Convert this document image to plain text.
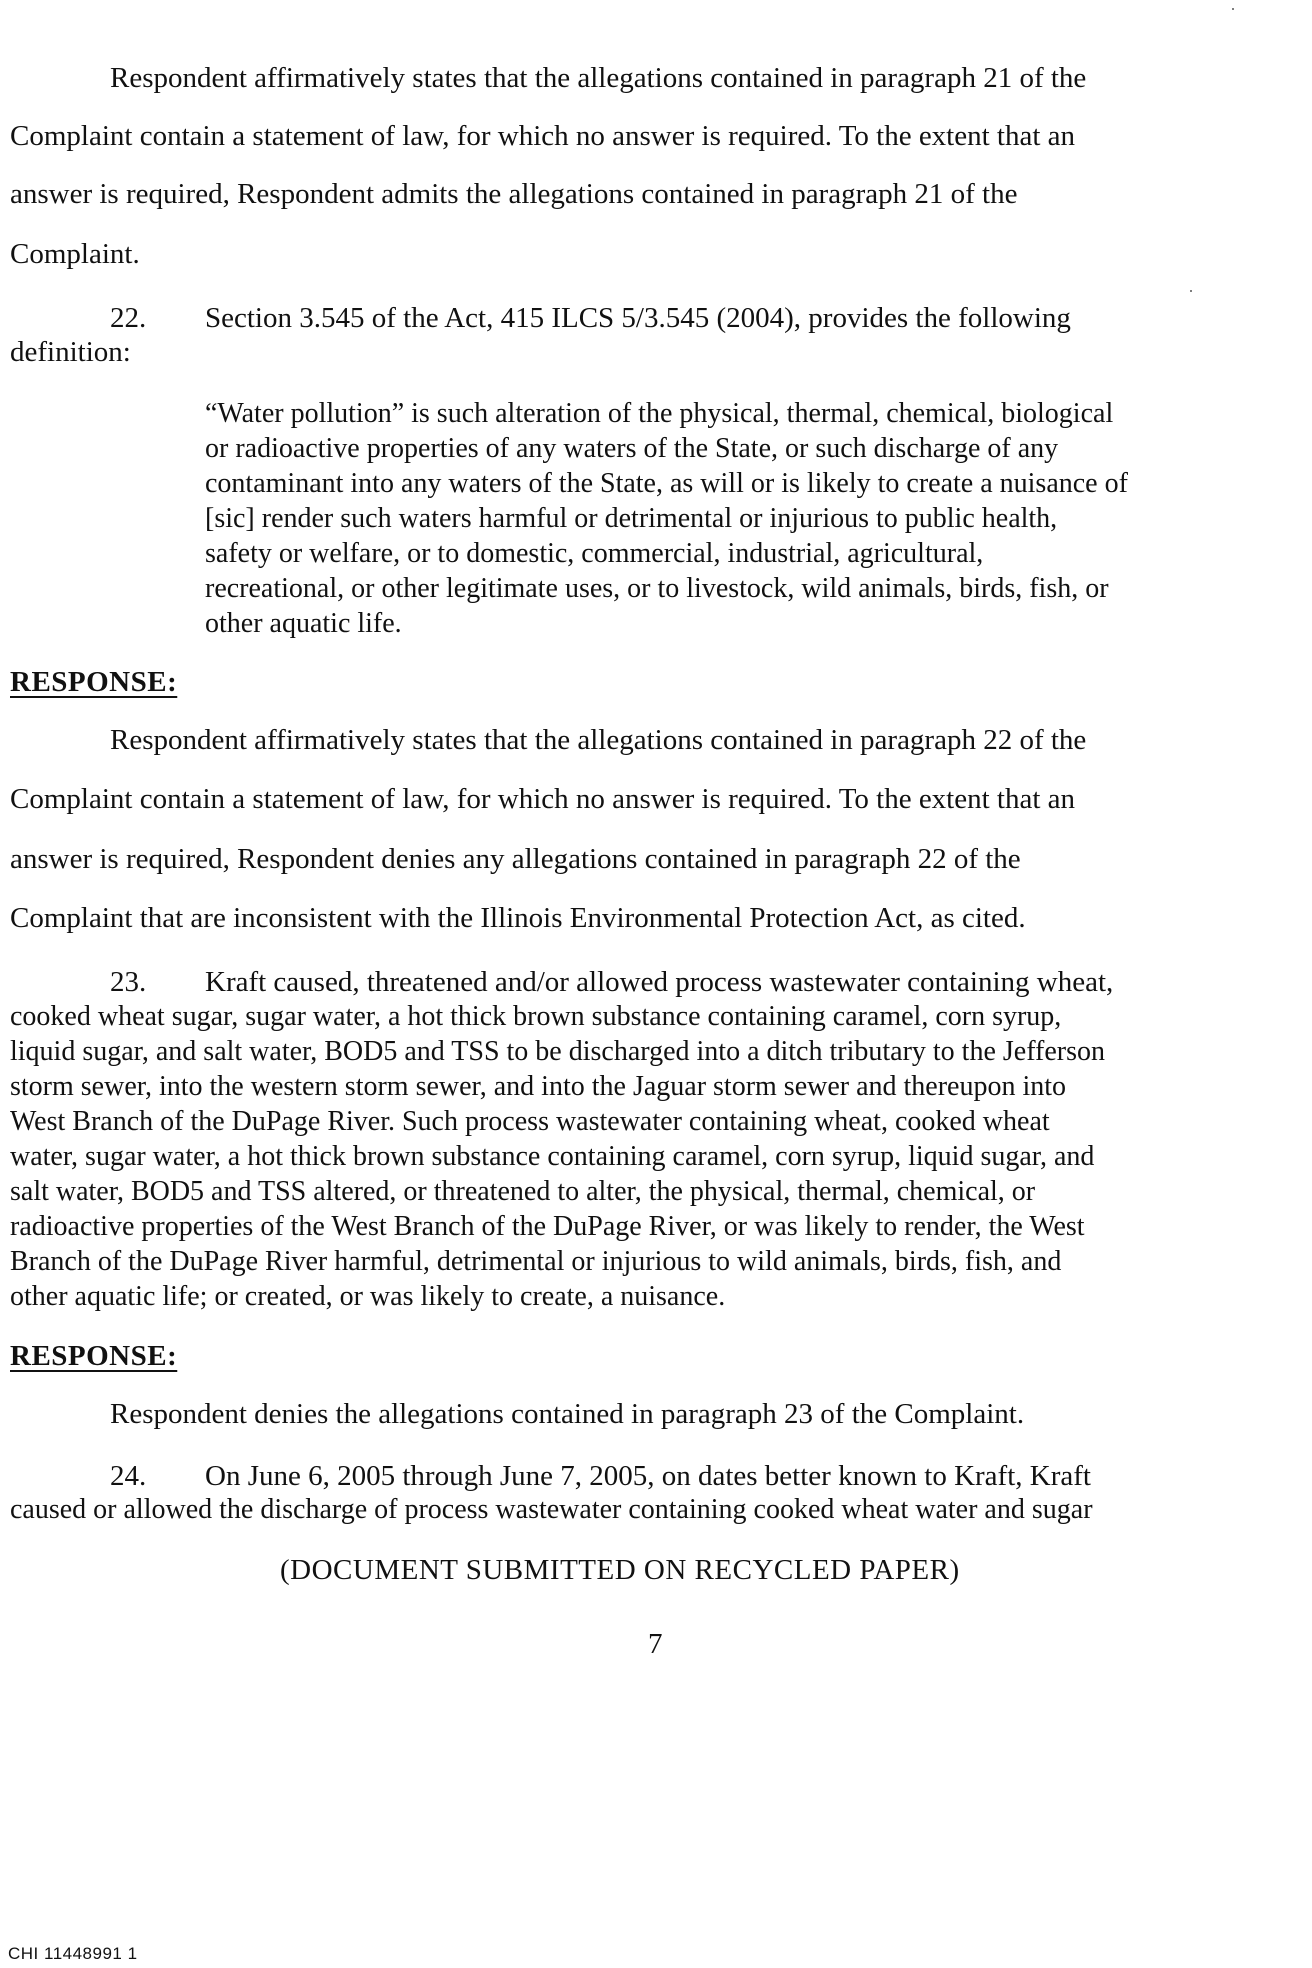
Respondent affirmatively states that the allegations contained in paragraph 21 of the
Complaint contain a statement of law, for which no answer is required. To the extent that an
answer is required, Respondent admits the allegations contained in paragraph 21 of the
Complaint.
22. Section 3.545 of the Act, 415 ILCS 5/3.545 (2004), provides the following
definition:
“Water pollution” is such alteration of the physical, thermal, chemical, biological
or radioactive properties of any waters of the State, or such discharge of any
contaminant into any waters of the State, as will or is likely to create a nuisance of
[sic] render such waters harmful or detrimental or injurious to public health,
safety or welfare, or to domestic, commercial, industrial, agricultural,
recreational, or other legitimate uses, or to livestock, wild animals, birds, fish, or
other aquatic life.
RESPONSE:
Respondent affirmatively states that the allegations contained in paragraph 22 of the
Complaint contain a statement of law, for which no answer is required. To the extent that an
answer is required, Respondent denies any allegations contained in paragraph 22 of the
Complaint that are inconsistent with the Illinois Environmental Protection Act, as cited.
23. Kraft caused, threatened and/or allowed process wastewater containing wheat,
cooked wheat sugar, sugar water, a hot thick brown substance containing caramel, corn syrup,
liquid sugar, and salt water, BOD5 and TSS to be discharged into a ditch tributary to the Jefferson
storm sewer, into the western storm sewer, and into the Jaguar storm sewer and thereupon into
West Branch of the DuPage River. Such process wastewater containing wheat, cooked wheat
water, sugar water, a hot thick brown substance containing caramel, corn syrup, liquid sugar, and
salt water, BOD5 and TSS altered, or threatened to alter, the physical, thermal, chemical, or
radioactive properties of the West Branch of the DuPage River, or was likely to render, the West
Branch of the DuPage River harmful, detrimental or injurious to wild animals, birds, fish, and
other aquatic life; or created, or was likely to create, a nuisance.
RESPONSE:
Respondent denies the allegations contained in paragraph 23 of the Complaint.
24. On June 6, 2005 through June 7, 2005, on dates better known to Kraft, Kraft
caused or allowed the discharge of process wastewater containing cooked wheat water and sugar
(DOCUMENT SUBMITTED ON RECYCLED PAPER)
7
CHI 11448991 1
